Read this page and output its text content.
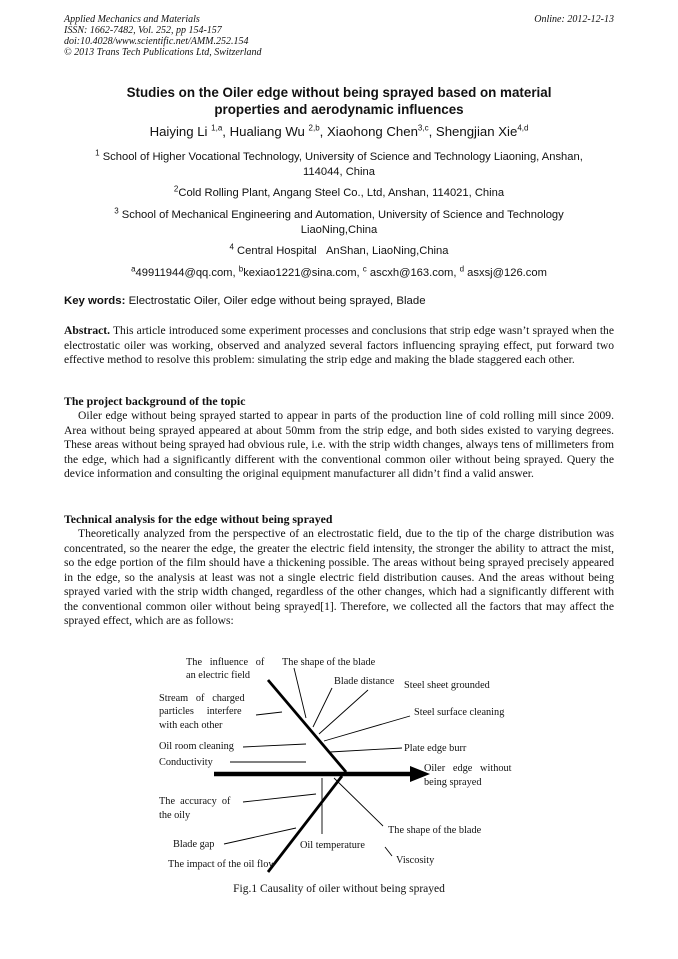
Applied Mechanics and Materials
ISSN: 1662-7482, Vol. 252, pp 154-157
doi:10.4028/www.scientific.net/AMM.252.154
© 2013 Trans Tech Publications Ltd, Switzerland
Online: 2012-12-13
Studies on the Oiler edge without being sprayed based on material
properties and aerodynamic influences
Haiying Li $^{1,a}$, Hualiang Wu $^{2,b}$, Xiaohong Chen$^{3,c}$, Shengjian Xie$^{4,d}$
$^1$ School of Higher Vocational Technology, University of Science and Technology Liaoning, Anshan,
114044, China
$^2$Cold Rolling Plant, Angang Steel Co., Ltd, Anshan, 114021, China
$^3$ School of Mechanical Engineering and Automation, University of Science and Technology
LiaoNing,China
$^4$ Central Hospital   AnShan, LiaoNing,China
$^a$49911944@qq.com, $^b$kexiao1221@sina.com, $^c$ ascxh@163.com, $^d$ asxsj@126.com
Key words: Electrostatic Oiler, Oiler edge without being sprayed, Blade
Abstract. This article introduced some experiment processes and conclusions that strip edge wasn’t sprayed when the electrostatic oiler was working, observed and analyzed several factors influencing spraying effect, put forward two effective method to resolve this problem: simulating the strip edge and making the blade staggered each other.
The project background of the topic
Oiler edge without being sprayed started to appear in parts of the production line of cold rolling mill since 2009. Area without being sprayed appeared at about 50mm from the strip edge, and both sides existed to varying degrees. These areas without being sprayed had obvious rule, i.e. with the strip width changes, always tens of millimeters from the edge, which had a significantly different with the conventional common oiler without being sprayed. Query the device information and consulting the original equipment manufacturer all didn’t find a valid answer.
Technical analysis for the edge without being sprayed
Theoretically analyzed from the perspective of an electrostatic field, due to the tip of the charge distribution was concentrated, so the nearer the edge, the greater the electric field intensity, the stronger the ability to attract the mist, so the edge portion of the film should have a thickening possible. The areas without being sprayed precisely appeared in the edge, so the analysis at least was not a single electric field distribution causes. And the areas without being sprayed varied with the strip width changed, regardless of the other changes, which had a significantly different with the conventional common oiler without being sprayed[1]. Therefore, we collected all the factors that may affect the sprayed effect, which are as follows:
The   influence   of
an electric field
The shape of the blade
Blade distance Steel sheet grounded
Stream   of   charged
particles     interfere
with each other
Steel surface cleaning
Oil room cleaning	Plate edge burr
Conductivity
Oiler   edge   without
being sprayed
The  accuracy  of
the oily
The shape of the blade
Blade gap	Oil temperature
Viscosity
The impact of the oil flow
Fig.1 Causality of oiler without being sprayed
